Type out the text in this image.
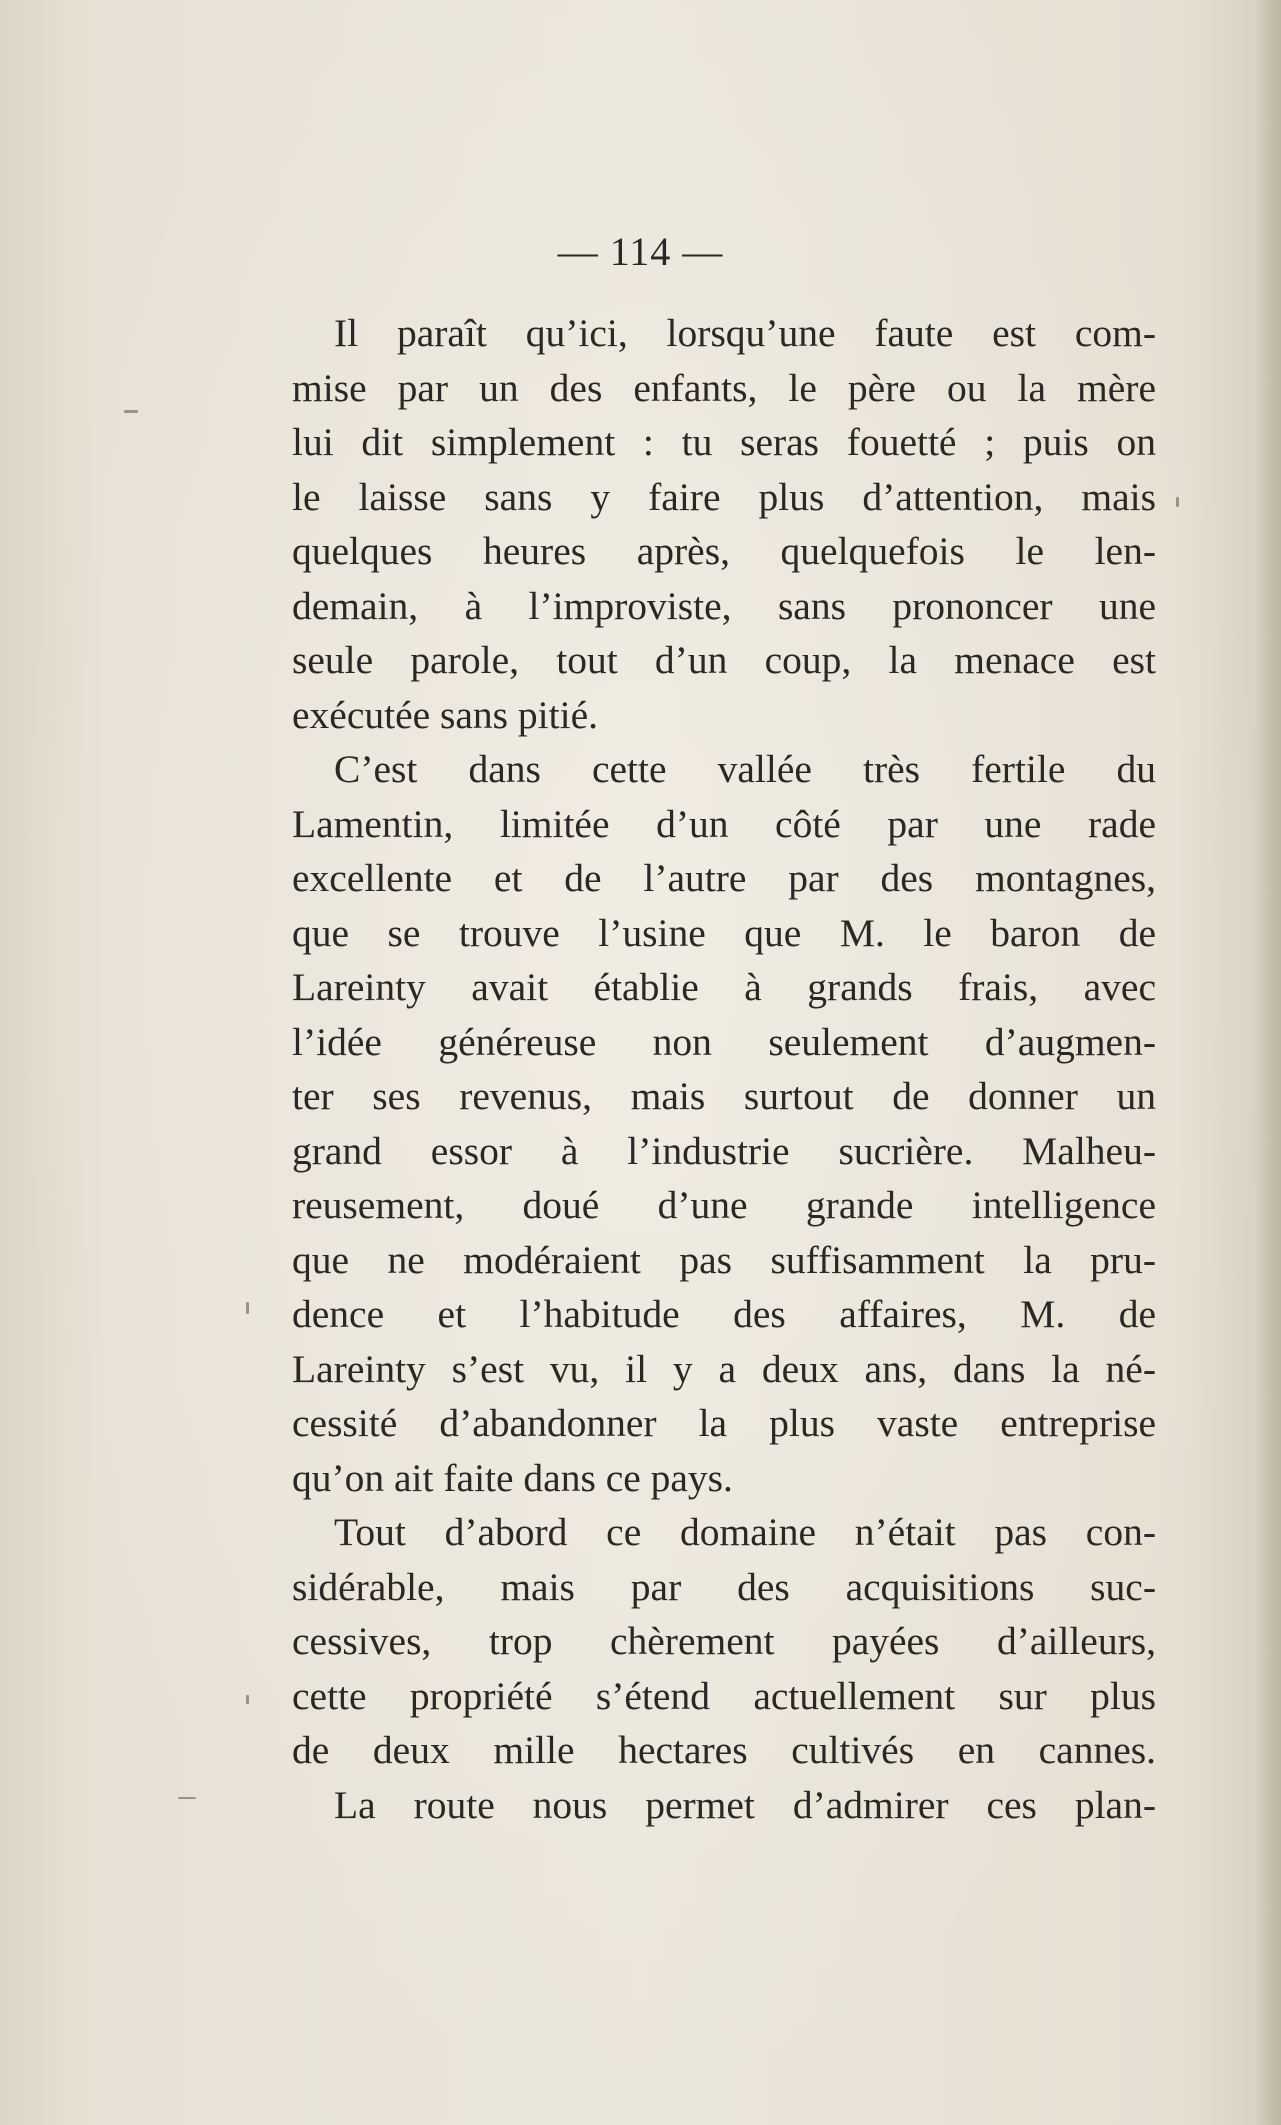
— 114 —
Il paraît qu’ici, lorsqu’une faute est com-
mise par un des enfants, le père ou la mère
lui dit simplement : tu seras fouetté ; puis on
le laisse sans y faire plus d’attention, mais
quelques heures après, quelquefois le len-
demain, à l’improviste, sans prononcer une
seule parole, tout d’un coup, la menace est
exécutée sans pitié.
C’est dans cette vallée très fertile du
Lamentin, limitée d’un côté par une rade
excellente et de l’autre par des montagnes,
que se trouve l’usine que M. le baron de
Lareinty avait établie à grands frais, avec
l’idée généreuse non seulement d’augmen-
ter ses revenus, mais surtout de donner un
grand essor à l’industrie sucrière. Malheu-
reusement, doué d’une grande intelligence
que ne modéraient pas suffisamment la pru-
dence et l’habitude des affaires, M. de
Lareinty s’est vu, il y a deux ans, dans la né-
cessité d’abandonner la plus vaste entreprise
qu’on ait faite dans ce pays.
Tout d’abord ce domaine n’était pas con-
sidérable, mais par des acquisitions suc-
cessives, trop chèrement payées d’ailleurs,
cette propriété s’étend actuellement sur plus
de deux mille hectares cultivés en cannes.
La route nous permet d’admirer ces plan-
